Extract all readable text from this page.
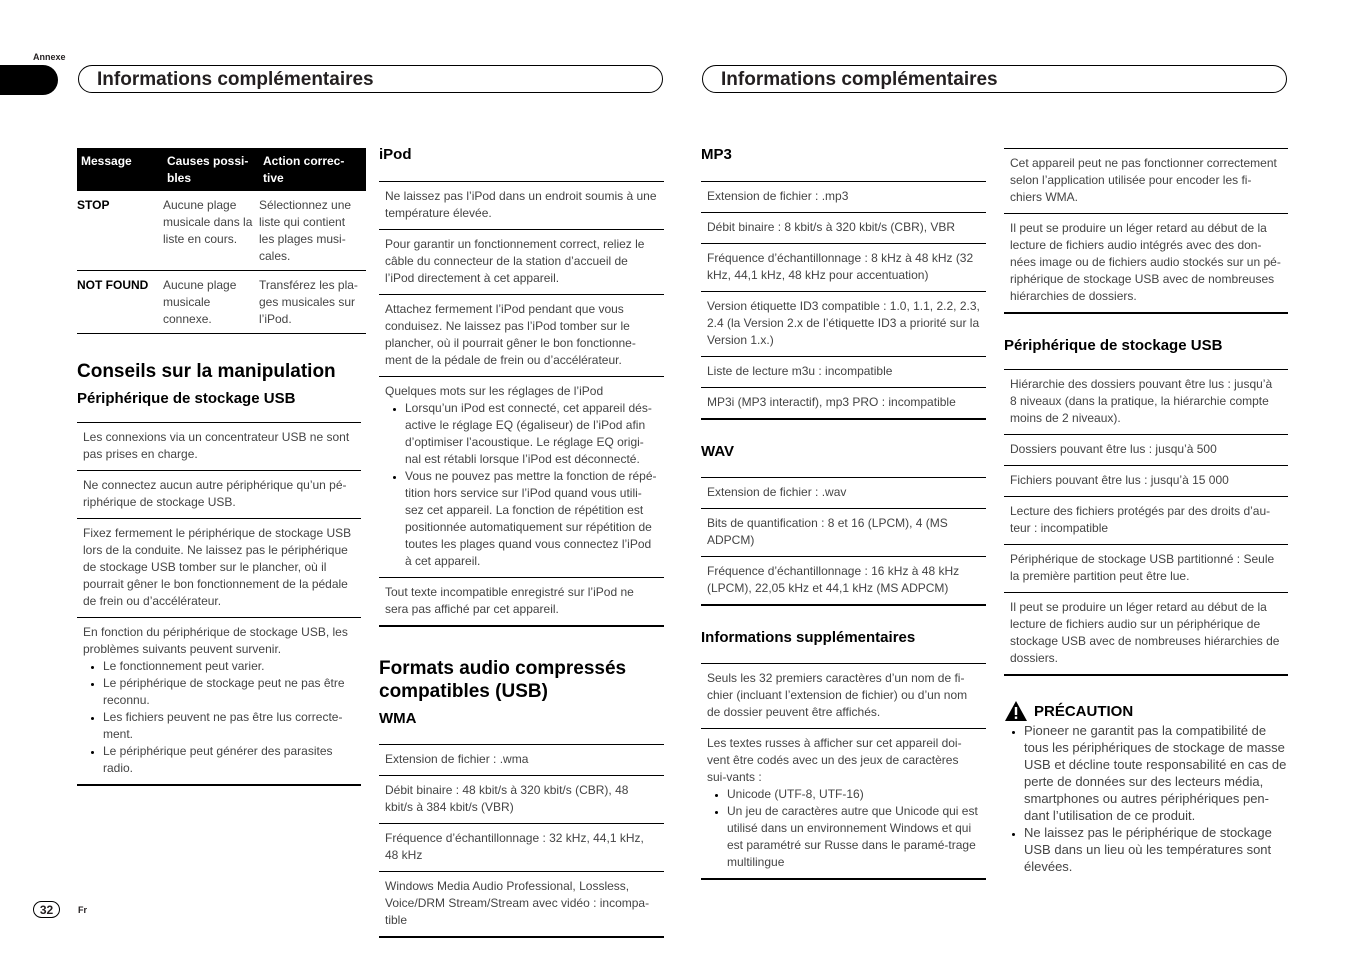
Annexe
Informations complémentaires	Informations complémentaires
Message	Causes possi-bles	Action correc-tive
STOP	Aucune plage musicale dans la liste en cours.	Sélectionnez une liste qui contient les plages musi-cales.
NOT FOUND	Aucune plage musicale connexe.	Transférez les pla-ges musicales sur l’iPod.
Conseils sur la manipulation
Périphérique de stockage USB
Les connexions via un concentrateur USB ne sont pas prises en charge.
Ne connectez aucun autre périphérique qu’un pé-riphérique de stockage USB.
Fixez fermement le périphérique de stockage USB lors de la conduite. Ne laissez pas le périphérique de stockage USB tomber sur le plancher, où il pourrait gêner le bon fonctionnement de la pédale de frein ou d’accélérateur.
En fonction du périphérique de stockage USB, les problèmes suivants peuvent survenir.
• Le fonctionnement peut varier.
• Le périphérique de stockage peut ne pas être reconnu.
• Les fichiers peuvent ne pas être lus correcte-ment.
• Le périphérique peut générer des parasites radio.
iPod
Ne laissez pas l’iPod dans un endroit soumis à une température élevée.
Pour garantir un fonctionnement correct, reliez le câble du connecteur de la station d’accueil de l’iPod directement à cet appareil.
Attachez fermement l’iPod pendant que vous conduisez. Ne laissez pas l’iPod tomber sur le plancher, où il pourrait gêner le bon fonctionne-ment de la pédale de frein ou d’accélérateur.
Quelques mots sur les réglages de l’iPod
• Lorsqu’un iPod est connecté, cet appareil dés-active le réglage EQ (égaliseur) de l’iPod afin d’optimiser l’acoustique. Le réglage EQ origi-nal est rétabli lorsque l’iPod est déconnecté.
• Vous ne pouvez pas mettre la fonction de répé-tition hors service sur l’iPod quand vous utili-sez cet appareil. La fonction de répétition est positionnée automatiquement sur répétition de toutes les plages quand vous connectez l’iPod à cet appareil.
Tout texte incompatible enregistré sur l’iPod ne sera pas affiché par cet appareil.
Formats audio compressés compatibles (USB)
WMA
Extension de fichier : .wma
Débit binaire : 48 kbit/s à 320 kbit/s (CBR), 48 kbit/s à 384 kbit/s (VBR)
Fréquence d’échantillonnage : 32 kHz, 44,1 kHz, 48 kHz
Windows Media Audio Professional, Lossless, Voice/DRM Stream/Stream avec vidéo : incompa-tible
MP3
Extension de fichier : .mp3
Débit binaire : 8 kbit/s à 320 kbit/s (CBR), VBR
Fréquence d’échantillonnage : 8 kHz à 48 kHz (32 kHz, 44,1 kHz, 48 kHz pour accentuation)
Version étiquette ID3 compatible : 1.0, 1.1, 2.2, 2.3, 2.4 (la Version 2.x de l’étiquette ID3 a priorité sur la Version 1.x.)
Liste de lecture m3u : incompatible
MP3i (MP3 interactif), mp3 PRO : incompatible
WAV
Extension de fichier : .wav
Bits de quantification : 8 et 16 (LPCM), 4 (MS ADPCM)
Fréquence d’échantillonnage : 16 kHz à 48 kHz (LPCM), 22,05 kHz et 44,1 kHz (MS ADPCM)
Informations supplémentaires
Seuls les 32 premiers caractères d’un nom de fi-chier (incluant l’extension de fichier) ou d’un nom de dossier peuvent être affichés.
Les textes russes à afficher sur cet appareil doi-vent être codés avec un des jeux de caractères sui-vants :
• Unicode (UTF-8, UTF-16)
• Un jeu de caractères autre que Unicode qui est utilisé dans un environnement Windows et qui est paramétré sur Russe dans le paramé-trage multilingue
Cet appareil peut ne pas fonctionner correctement selon l’application utilisée pour encoder les fi-chiers WMA.
Il peut se produire un léger retard au début de la lecture de fichiers audio intégrés avec des don-nées image ou de fichiers audio stockés sur un pé-riphérique de stockage USB avec de nombreuses hiérarchies de dossiers.
Périphérique de stockage USB
Hiérarchie des dossiers pouvant être lus : jusqu’à 8 niveaux (dans la pratique, la hiérarchie compte moins de 2 niveaux).
Dossiers pouvant être lus : jusqu’à 500
Fichiers pouvant être lus : jusqu’à 15 000
Lecture des fichiers protégés par des droits d’au-teur : incompatible
Périphérique de stockage USB partitionné : Seule la première partition peut être lue.
Il peut se produire un léger retard au début de la lecture de fichiers audio sur un périphérique de stockage USB avec de nombreuses hiérarchies de dossiers.
PRÉCAUTION
• Pioneer ne garantit pas la compatibilité de tous les périphériques de stockage de masse USB et décline toute responsabilité en cas de perte de données sur des lecteurs média, smartphones ou autres périphériques pen-dant l’utilisation de ce produit.
• Ne laissez pas le périphérique de stockage USB dans un lieu où les températures sont élevées.
32	Fr
